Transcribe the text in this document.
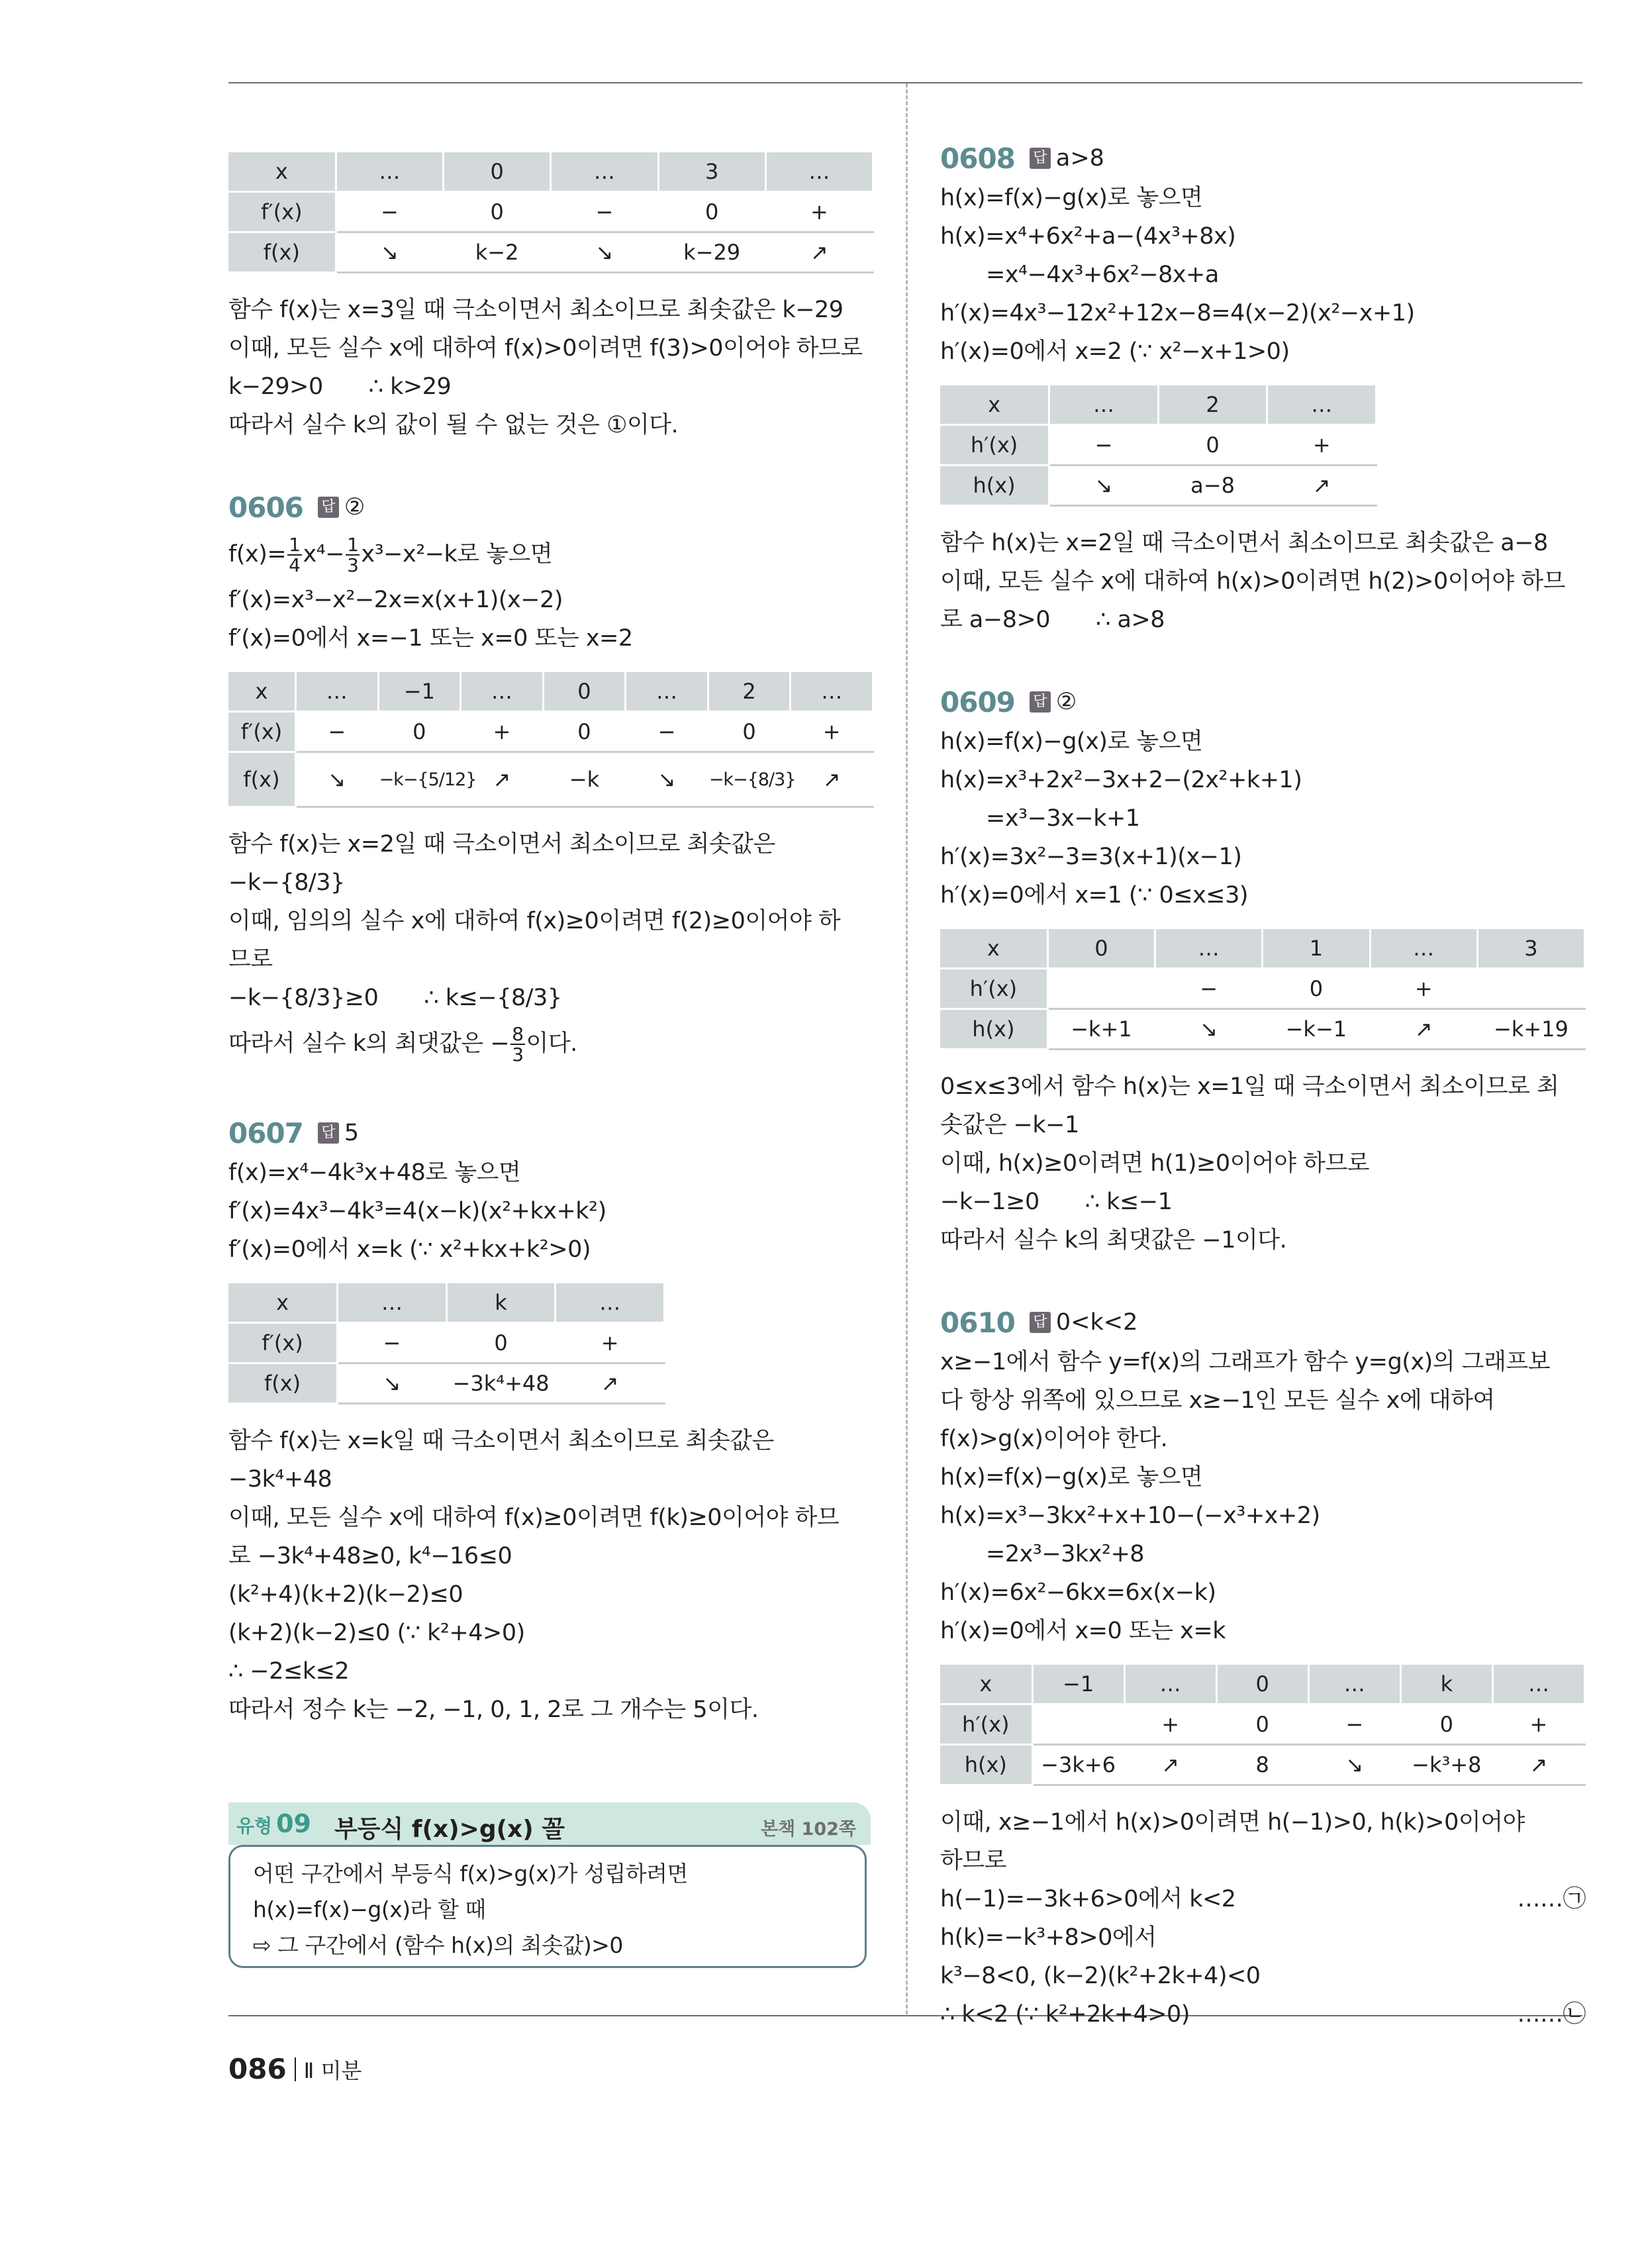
x	…	0	…	3	…
f′(x)	−	0	−	0	+
f(x)	↘	k−2	↘	k−29	↗
함수 f(x)는 x=3일 때 극소이면서 최소이므로 최솟값은 k−29
이때, 모든 실수 x에 대하여 f(x)>0이려면 f(3)>0이어야 하므로
k−29>0　　∴ k>29
따라서 실수 k의 값이 될 수 없는 것은 ①이다.
0606 답 ②
$f(x)= \frac{1}{4} x^4- \frac{1}{3} x^3-x^2-k$로 놓으면
f′(x)=x³−x²−2x=x(x+1)(x−2)
f′(x)=0에서 x=−1 또는 x=0 또는 x=2
x	…	−1	…	0	…	2	…
f′(x)	−	0	+	0	−	0	+
f(x)	↘	−k−{5/12}	↗	−k	↘	−k−{8/3}	↗
함수 f(x)는 x=2일 때 극소이면서 최소이므로 최솟값은
−k−{8/3}
이때, 임의의 실수 x에 대하여 f(x)≥0이려면 f(2)≥0이어야 하
므로
−k−{8/3}≥0　　∴ k≤−{8/3}
따라서 실수 k의 최댓값은 − $\frac{8}{3}$ 이다.
0607 답 5
f(x)=x⁴−4k³x+48로 놓으면
f′(x)=4x³−4k³=4(x−k)(x²+kx+k²)
f′(x)=0에서 x=k (∵ x²+kx+k²>0)
x	…	k	…
f′(x)	−	0	+
f(x)	↘	−3k⁴+48	↗
함수 f(x)는 x=k일 때 극소이면서 최소이므로 최솟값은
−3k⁴+48
이때, 모든 실수 x에 대하여 f(x)≥0이려면 f(k)≥0이어야 하므
로 −3k⁴+48≥0, k⁴−16≤0
(k²+4)(k+2)(k−2)≤0
(k+2)(k−2)≤0 (∵ k²+4>0)
∴ −2≤k≤2
따라서 정수 k는 −2, −1, 0, 1, 2로 그 개수는 5이다.
0608 답 a>8
h(x)=f(x)−g(x)로 놓으면
h(x)=x⁴+6x²+a−(4x³+8x)
　　=x⁴−4x³+6x²−8x+a
h′(x)=4x³−12x²+12x−8=4(x−2)(x²−x+1)
h′(x)=0에서 x=2 (∵ x²−x+1>0)
x	…	2	…
h′(x)	−	0	+
h(x)	↘	a−8	↗
함수 h(x)는 x=2일 때 극소이면서 최소이므로 최솟값은 a−8
이때, 모든 실수 x에 대하여 h(x)>0이려면 h(2)>0이어야 하므
로 a−8>0　　∴ a>8
0609 답 ②
h(x)=f(x)−g(x)로 놓으면
h(x)=x³+2x²−3x+2−(2x²+k+1)
　　=x³−3x−k+1
h′(x)=3x²−3=3(x+1)(x−1)
h′(x)=0에서 x=1 (∵ 0≤x≤3)
x	0	…	1	…	3
h′(x)		−	0	+	
h(x)	−k+1	↘	−k−1	↗	−k+19
0≤x≤3에서 함수 h(x)는 x=1일 때 극소이면서 최소이므로 최
솟값은 −k−1
이때, h(x)≥0이려면 h(1)≥0이어야 하므로
−k−1≥0　　∴ k≤−1
따라서 실수 k의 최댓값은 −1이다.
0610 답 0<k<2
x≥−1에서 함수 y=f(x)의 그래프가 함수 y=g(x)의 그래프보
다 항상 위쪽에 있으므로 x≥−1인 모든 실수 x에 대하여
f(x)>g(x)이어야 한다.
h(x)=f(x)−g(x)로 놓으면
h(x)=x³−3kx²+x+10−(−x³+x+2)
　　=2x³−3kx²+8
h′(x)=6x²−6kx=6x(x−k)
h′(x)=0에서 x=0 또는 x=k
x	−1	…	0	…	k	…
h′(x)		+	0	−	0	+
h(x)	−3k+6	↗	8	↘	−k³+8	↗
이때, x≥−1에서 h(x)>0이려면 h(−1)>0, h(k)>0이어야
하므로
h(−1)=−3k+6>0에서 k<2	……㉠
h(k)=−k³+8>0에서
k³−8<0, (k−2)(k²+2k+4)<0
∴ k<2 (∵ k²+2k+4>0)	……㉡
유형 09 부등식 f(x)>g(x) 꼴	본책 102쪽
어떤 구간에서 부등식 f(x)>g(x)가 성립하려면
h(x)=f(x)−g(x)라 할 때
⇨ 그 구간에서 (함수 h(x)의 최솟값)>0
086 Ⅱ 미분
